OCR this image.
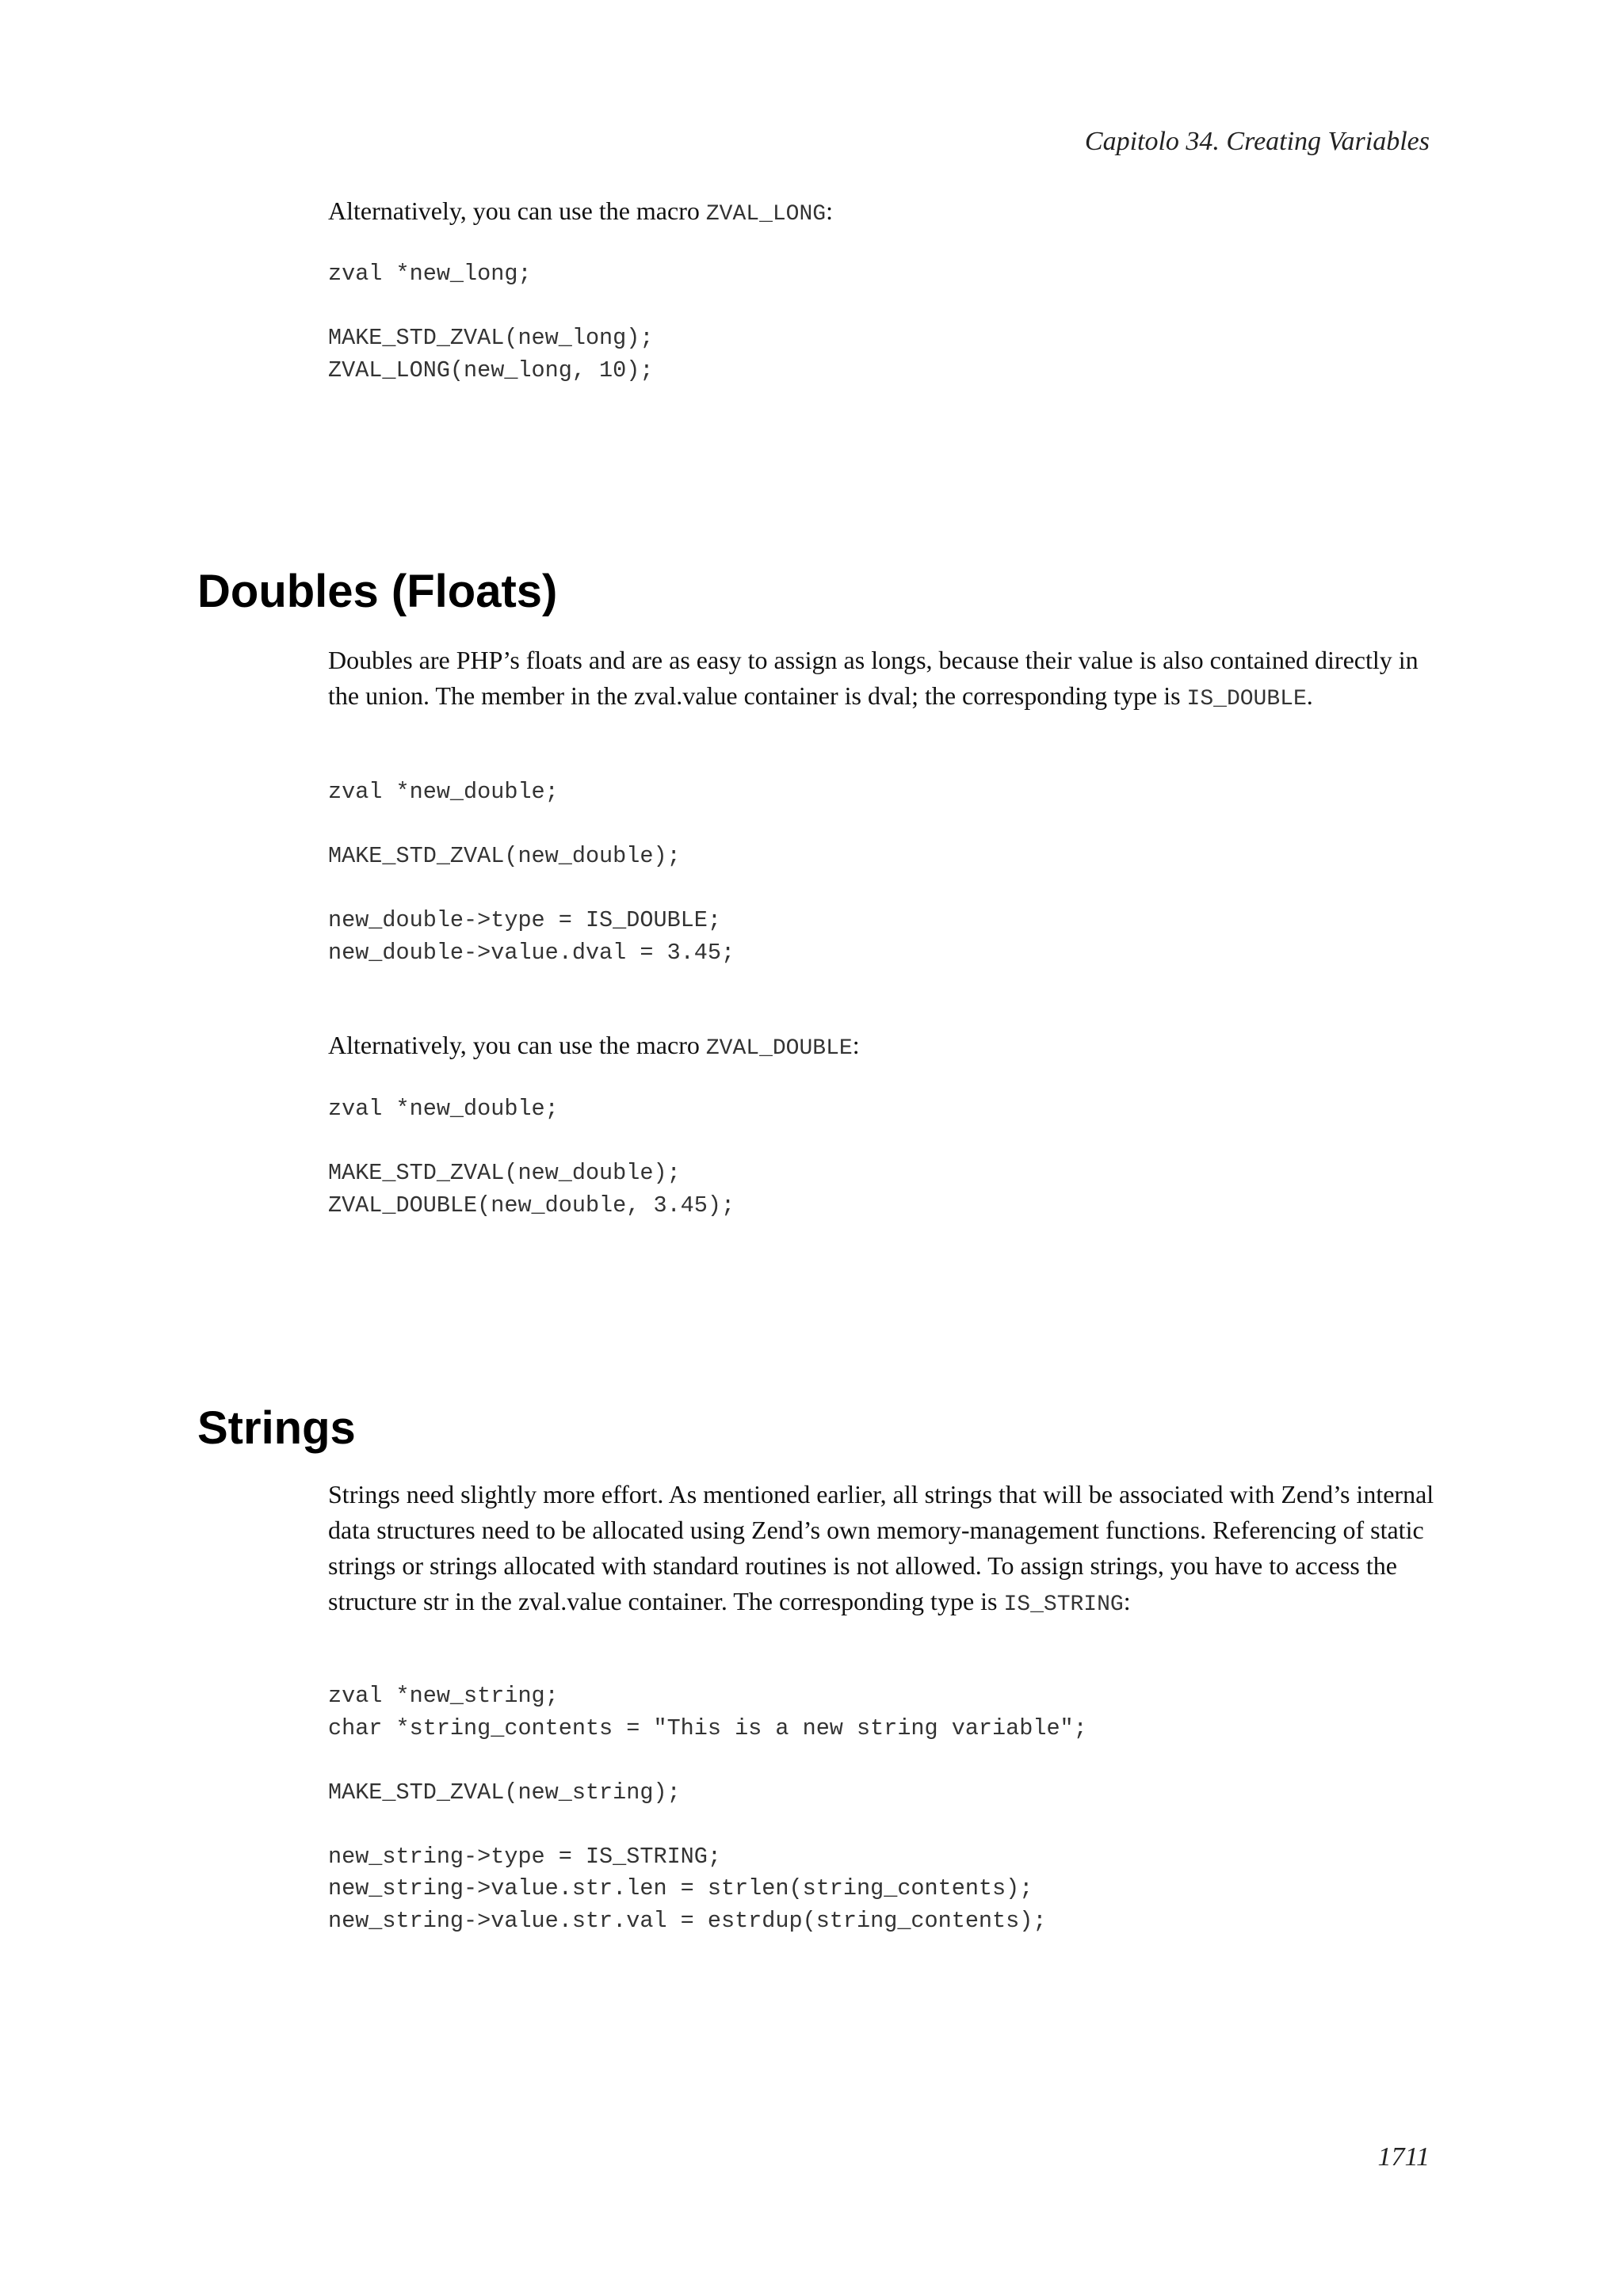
Capitolo 34. Creating Variables

Alternatively, you can use the macro ZVAL_LONG:

zval *new_long;

MAKE_STD_ZVAL(new_long);
ZVAL_LONG(new_long, 10);
Doubles (Floats)

Doubles are PHP’s floats and are as easy to assign as longs, because their value is also contained directly in the union. The member in the zval.value container is dval; the corresponding type is IS_DOUBLE.

zval *new_double;

MAKE_STD_ZVAL(new_double);

new_double->type = IS_DOUBLE;
new_double->value.dval = 3.45;

Alternatively, you can use the macro ZVAL_DOUBLE:

zval *new_double;

MAKE_STD_ZVAL(new_double);
ZVAL_DOUBLE(new_double, 3.45);
Strings

Strings need slightly more effort. As mentioned earlier, all strings that will be associated with Zend’s internal data structures need to be allocated using Zend’s own memory-management functions. Referencing of static strings or strings allocated with standard routines is not allowed. To assign strings, you have to access the structure str in the zval.value container. The corresponding type is IS_STRING:

zval *new_string;
char *string_contents = "This is a new string variable";

MAKE_STD_ZVAL(new_string);

new_string->type = IS_STRING;
new_string->value.str.len = strlen(string_contents);
new_string->value.str.val = estrdup(string_contents);
1711
